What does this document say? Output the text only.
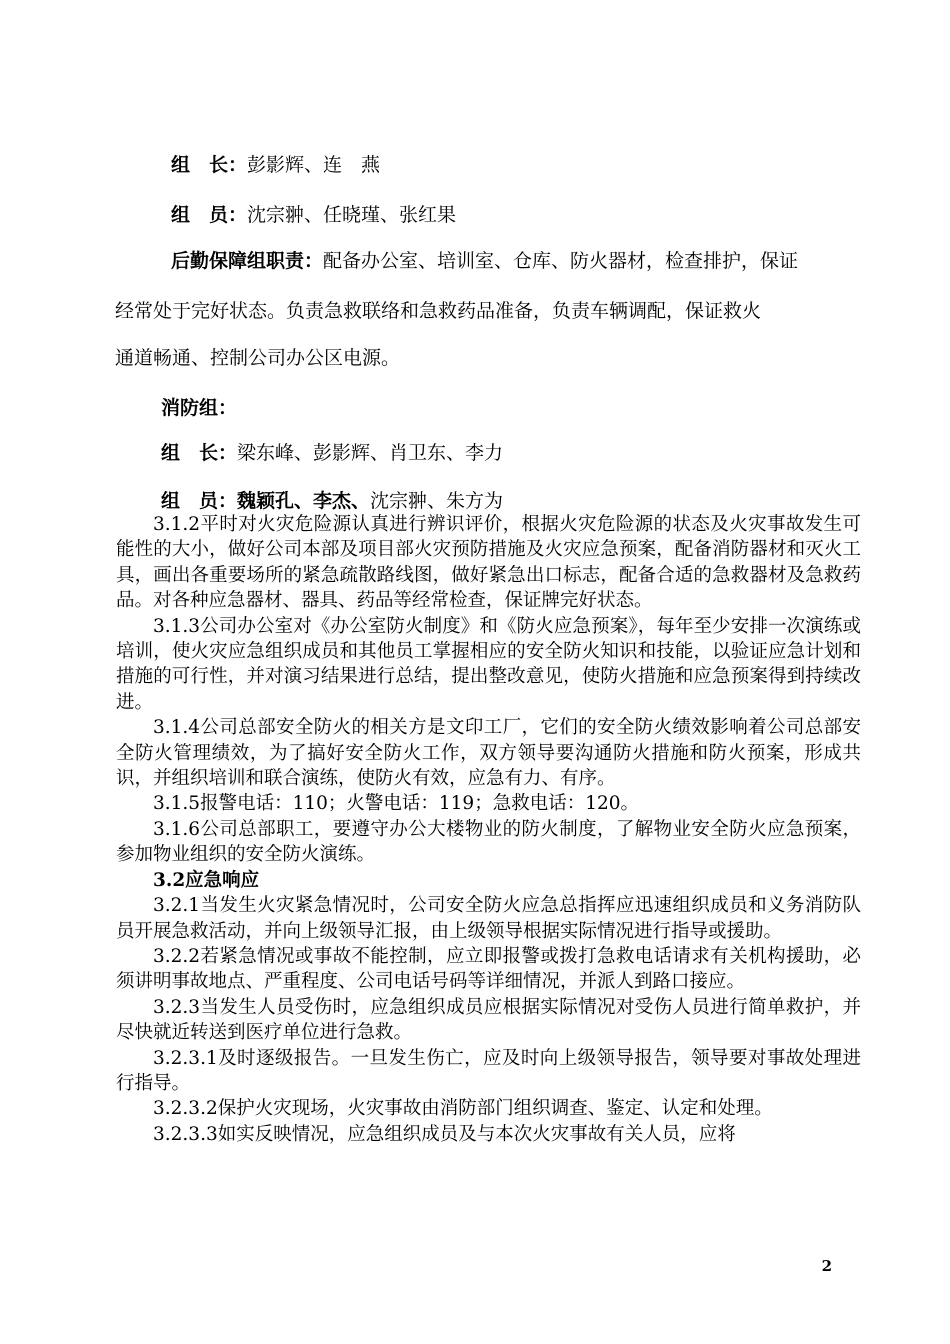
组　长：彭影辉、连　燕
组　员：沈宗翀、任晓瑾、张红果
后勤保障组职责：配备办公室、培训室、仓库、防火器材，检查排护，保证
经常处于完好状态。负责急救联络和急救药品准备，负责车辆调配，保证救火
通道畅通、控制公司办公区电源。
消防组：
组　长：梁东峰、彭影辉、肖卫东、李力
组　员：魏颖孔、李杰、沈宗翀、朱方为

3.1.2平时对火灾危险源认真进行辨识评价，根据火灾危险源的状态及火灾事故发生可能性的大小，做好公司本部及项目部火灾预防措施及火灾应急预案，配备消防器材和灭火工具，画出各重要场所的紧急疏散路线图，做好紧急出口标志，配备合适的急救器材及急救药品。对各种应急器材、器具、药品等经常检查，保证牌完好状态。

3.1.3公司办公室对《办公室防火制度》和《防火应急预案》，每年至少安排一次演练或培训，使火灾应急组织成员和其他员工掌握相应的安全防火知识和技能，以验证应急计划和措施的可行性，并对演习结果进行总结，提出整改意见，使防火措施和应急预案得到持续改进。

3.1.4公司总部安全防火的相关方是文印工厂，它们的安全防火绩效影响着公司总部安全防火管理绩效，为了搞好安全防火工作，双方领导要沟通防火措施和防火预案，形成共识，并组织培训和联合演练，使防火有效，应急有力、有序。

3.1.5报警电话：110；火警电话：119；急救电话：120。

3.1.6公司总部职工，要遵守办公大楼物业的防火制度，了解物业安全防火应急预案，参加物业组织的安全防火演练。

3.2应急响应

3.2.1当发生火灾紧急情况时，公司安全防火应急总指挥应迅速组织成员和义务消防队员开展急救活动，并向上级领导汇报，由上级领导根据实际情况进行指导或援助。

3.2.2若紧急情况或事故不能控制，应立即报警或拨打急救电话请求有关机构援助，必须讲明事故地点、严重程度、公司电话号码等详细情况，并派人到路口接应。

3.2.3当发生人员受伤时，应急组织成员应根据实际情况对受伤人员进行简单救护，并尽快就近转送到医疗单位进行急救。

3.2.3.1及时逐级报告。一旦发生伤亡，应及时向上级领导报告，领导要对事故处理进行指导。

3.2.3.2保护火灾现场，火灾事故由消防部门组织调查、鉴定、认定和处理。

3.2.3.3如实反映情况，应急组织成员及与本次火灾事故有关人员，应将

2
